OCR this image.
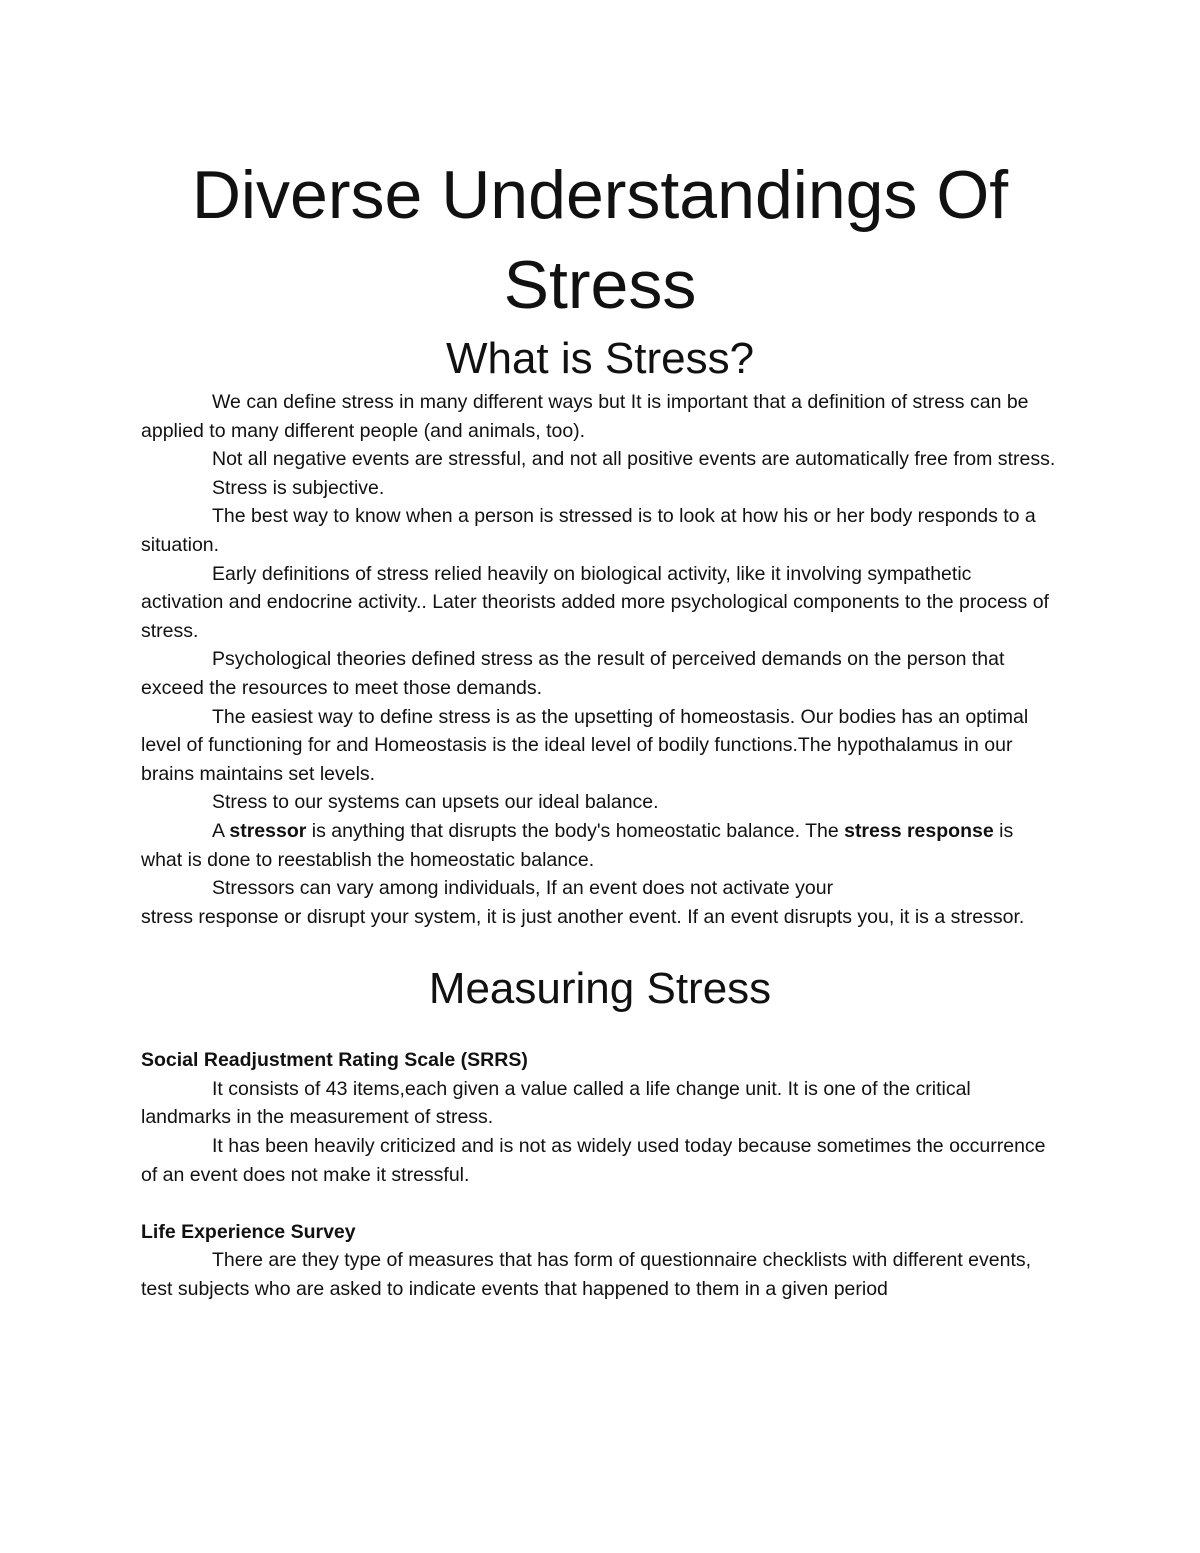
Diverse Understandings Of Stress
What is Stress?

We can define stress in many different ways but It is important that a definition of stress can be applied to many different people (and animals, too).

Not all negative events are stressful, and not all positive events are automatically free from stress.

Stress is subjective.

The best way to know when a person is stressed is to look at how his or her body responds to a situation.

Early definitions of stress relied heavily on biological activity, like it involving sympathetic activation and endocrine activity.. Later theorists added more psychological components to the process of stress.

Psychological theories defined stress as the result of perceived demands on the person that exceed the resources to meet those demands.

The easiest way to define stress is as the upsetting of homeostasis. Our bodies has an optimal level of functioning for and Homeostasis is the ideal level of bodily functions.The hypothalamus in our brains maintains set levels.

Stress to our systems can upsets our ideal balance.

A stressor is anything that disrupts the body's homeostatic balance. The stress response is what is done to reestablish the homeostatic balance.

Stressors can vary among individuals, If an event does not activate your

stress response or disrupt your system, it is just another event. If an event disrupts you, it is a stressor.

Measuring Stress

Social Readjustment Rating Scale (SRRS)

It consists of 43 items,each given a value called a life change unit. It is one of the critical landmarks in the measurement of stress.

It has been heavily criticized and is not as widely used today because sometimes the occurrence of an event does not make it stressful.

Life Experience Survey

There are they type of measures that has form of questionnaire checklists with different events, test subjects who are asked to indicate events that happened to them in a given period
